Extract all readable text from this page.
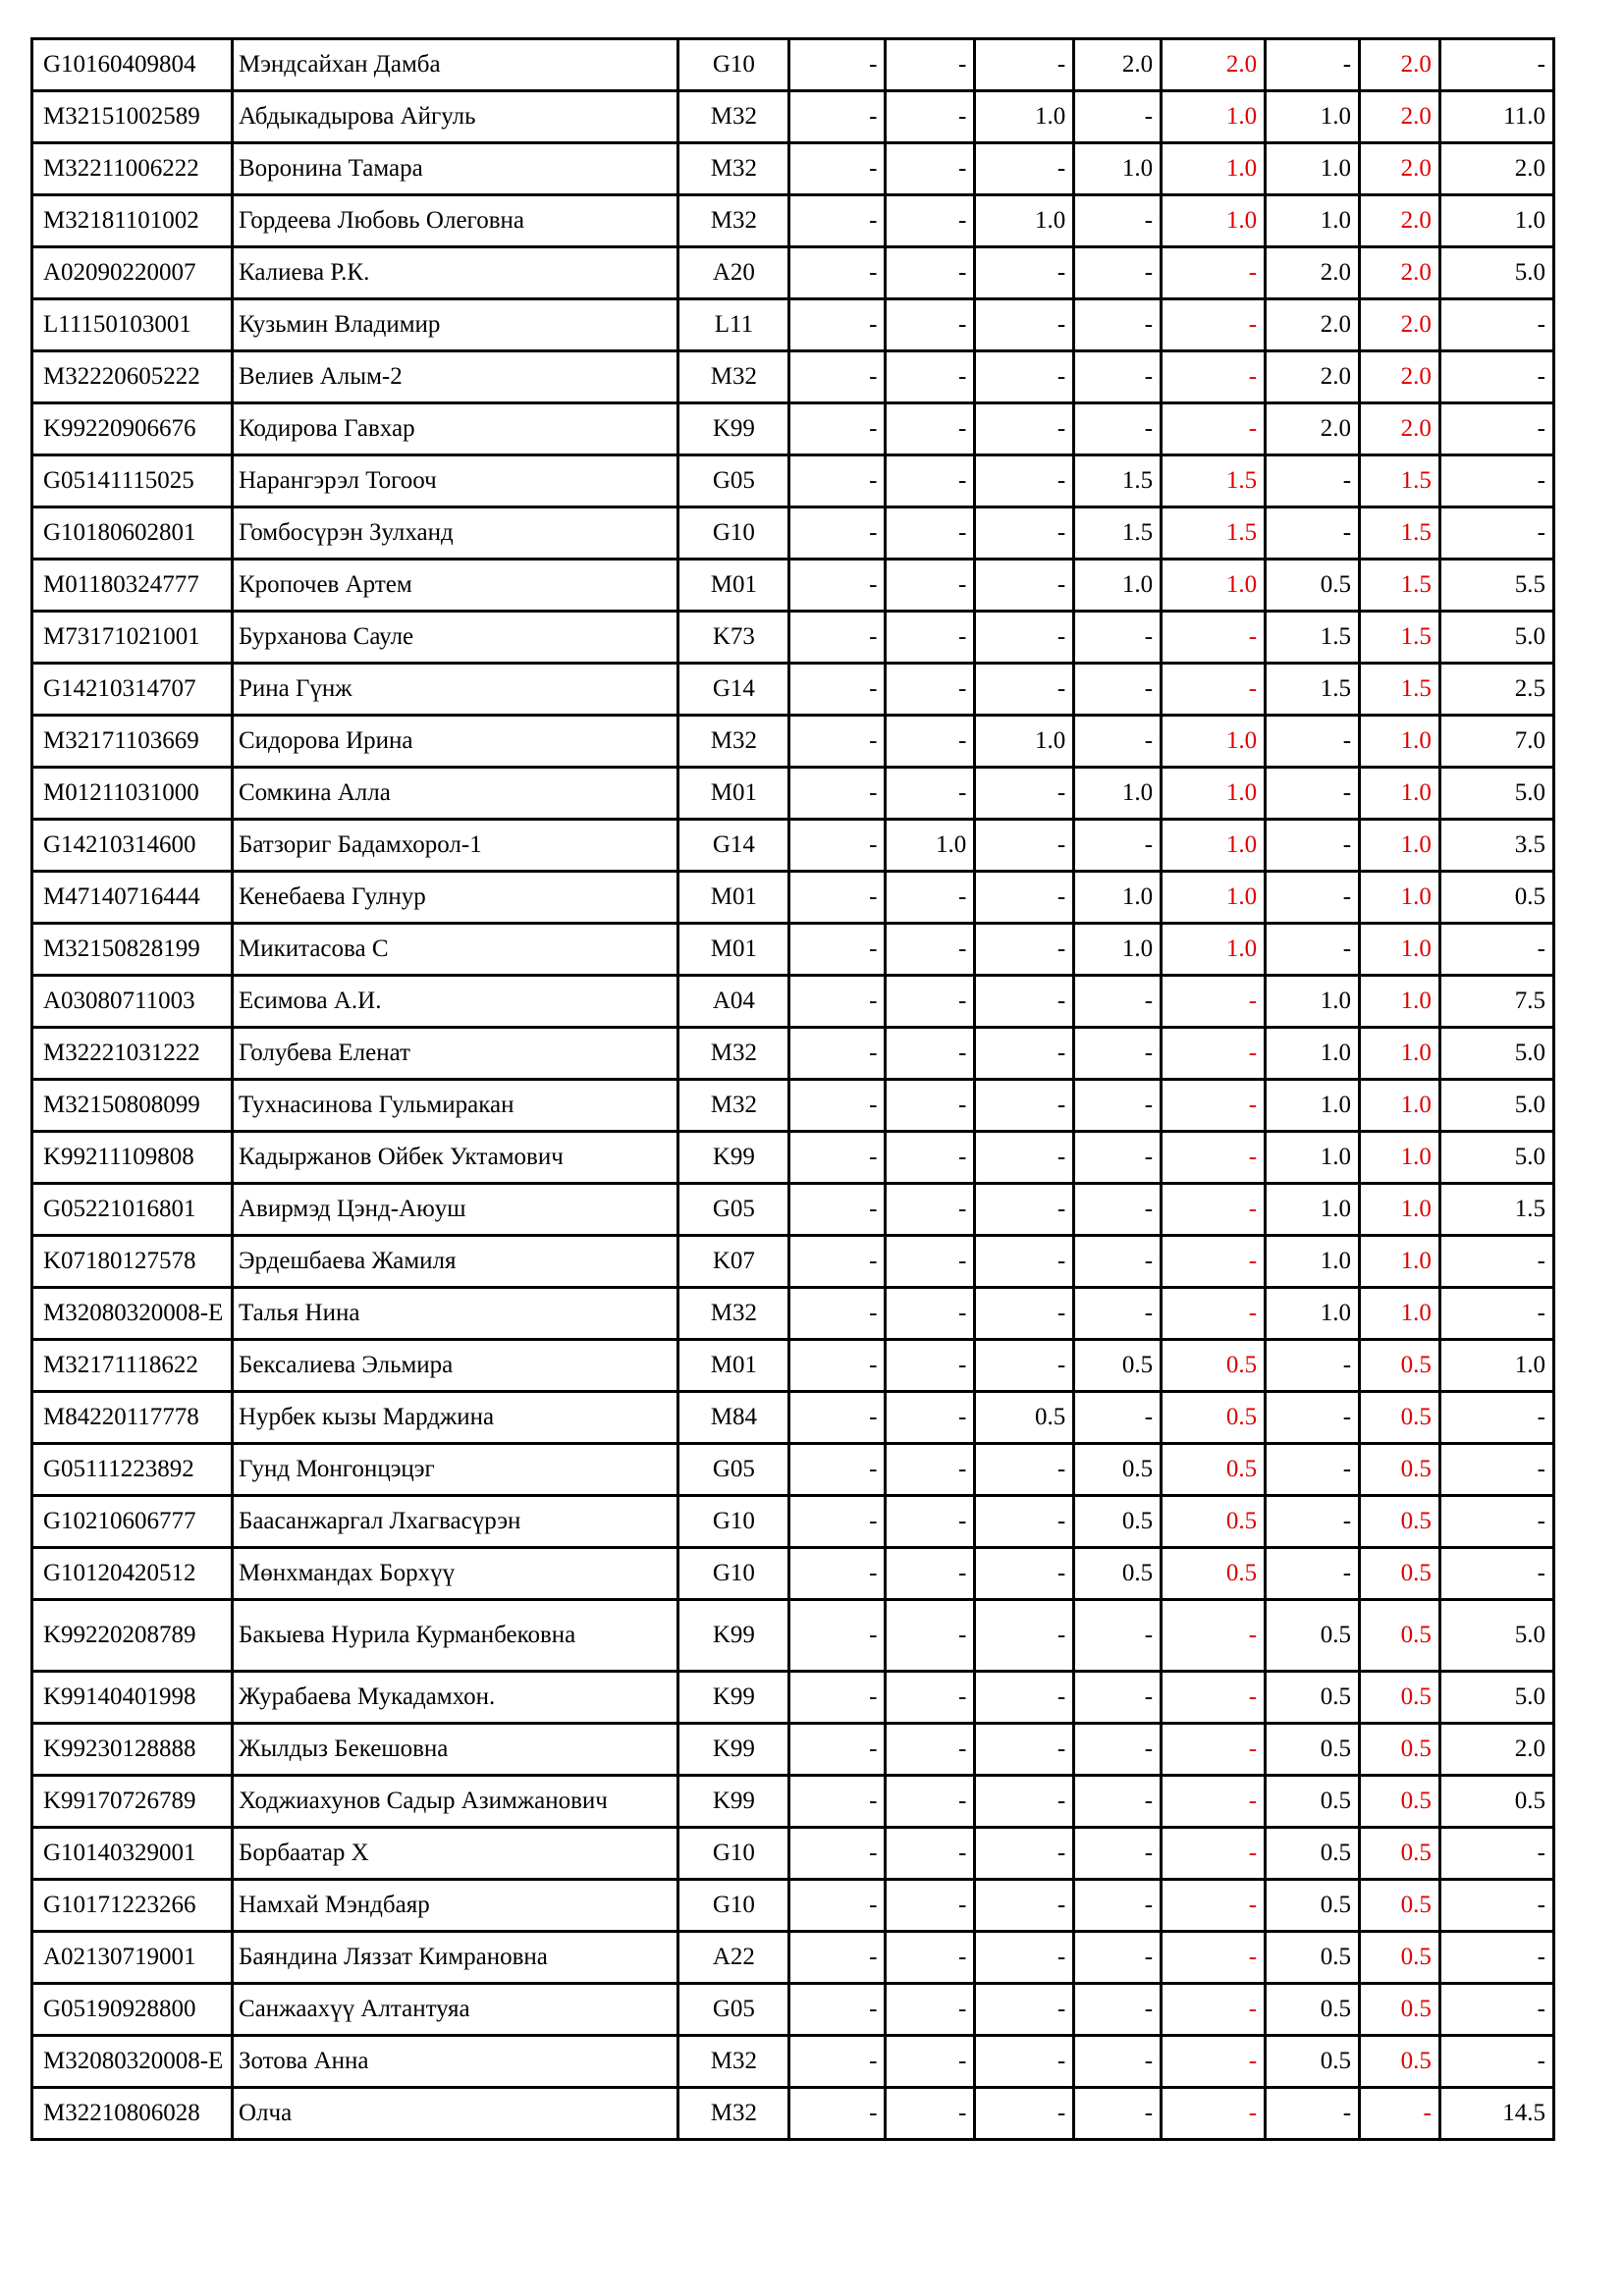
G10160409804	Мэндсайхан Дамба	G10	-	-	-	2.0	2.0	-	2.0	-
M32151002589	Абдыкадырова Айгуль	M32	-	-	1.0	-	1.0	1.0	2.0	11.0
M32211006222	Воронина Тамара	M32	-	-	-	1.0	1.0	1.0	2.0	2.0
M32181101002	Гордеева Любовь Олеговна	M32	-	-	1.0	-	1.0	1.0	2.0	1.0
A02090220007	Калиева Р.К.	A20	-	-	-	-	-	2.0	2.0	5.0
L11150103001	Кузьмин Владимир	L11	-	-	-	-	-	2.0	2.0	-
M32220605222	Велиев Алым-2	M32	-	-	-	-	-	2.0	2.0	-
K99220906676	Кодирова Гавхар	K99	-	-	-	-	-	2.0	2.0	-
G05141115025	Нарангэрэл Тогооч	G05	-	-	-	1.5	1.5	-	1.5	-
G10180602801	Гомбосүрэн Зулханд	G10	-	-	-	1.5	1.5	-	1.5	-
M01180324777	Кропочев Артем	M01	-	-	-	1.0	1.0	0.5	1.5	5.5
M73171021001	Бурханова Сауле	K73	-	-	-	-	-	1.5	1.5	5.0
G14210314707	Рина Гүнж	G14	-	-	-	-	-	1.5	1.5	2.5
M32171103669	Сидорова Ирина	M32	-	-	1.0	-	1.0	-	1.0	7.0
M01211031000	Сомкина Алла	M01	-	-	-	1.0	1.0	-	1.0	5.0
G14210314600	Батзориг Бадамхорол-1	G14	-	1.0	-	-	1.0	-	1.0	3.5
M47140716444	Кенебаева Гулнур	M01	-	-	-	1.0	1.0	-	1.0	0.5
M32150828199	Микитасова С	M01	-	-	-	1.0	1.0	-	1.0	-
A03080711003	Есимова А.И.	A04	-	-	-	-	-	1.0	1.0	7.5
M32221031222	Голубева Еленат	M32	-	-	-	-	-	1.0	1.0	5.0
M32150808099	Тухнасинова Гульмиракан	M32	-	-	-	-	-	1.0	1.0	5.0
K99211109808	Кадыржанов Ойбек Уктамович	K99	-	-	-	-	-	1.0	1.0	5.0
G05221016801	Авирмэд Цэнд-Аюуш	G05	-	-	-	-	-	1.0	1.0	1.5
K07180127578	Эрдешбаева Жамиля	K07	-	-	-	-	-	1.0	1.0	-
M32080320008-E	Талья Нина	M32	-	-	-	-	-	1.0	1.0	-
M32171118622	Бексалиева Эльмира	M01	-	-	-	0.5	0.5	-	0.5	1.0
M84220117778	Нурбек кызы Марджина	M84	-	-	0.5	-	0.5	-	0.5	-
G05111223892	Гунд Монгонцэцэг	G05	-	-	-	0.5	0.5	-	0.5	-
G10210606777	Баасанжаргал Лхагвасүрэн	G10	-	-	-	0.5	0.5	-	0.5	-
G10120420512	Мөнхмандах Борхүү	G10	-	-	-	0.5	0.5	-	0.5	-
K99220208789	Бакыева Нурила Курманбековна	K99	-	-	-	-	-	0.5	0.5	5.0
K99140401998	Журабаева Мукадамхон.	K99	-	-	-	-	-	0.5	0.5	5.0
K99230128888	Жылдыз Бекешовна	K99	-	-	-	-	-	0.5	0.5	2.0
K99170726789	Ходжиахунов Садыр Азимжанович	K99	-	-	-	-	-	0.5	0.5	0.5
G10140329001	Борбаатар Х	G10	-	-	-	-	-	0.5	0.5	-
G10171223266	Намхай Мэндбаяр	G10	-	-	-	-	-	0.5	0.5	-
A02130719001	Баяндина Ляззат Кимрановна	A22	-	-	-	-	-	0.5	0.5	-
G05190928800	Санжаахүү Алтантуяа	G05	-	-	-	-	-	0.5	0.5	-
M32080320008-E	Зотова Анна	M32	-	-	-	-	-	0.5	0.5	-
M32210806028	Олча	M32	-	-	-	-	-	-	-	14.5
